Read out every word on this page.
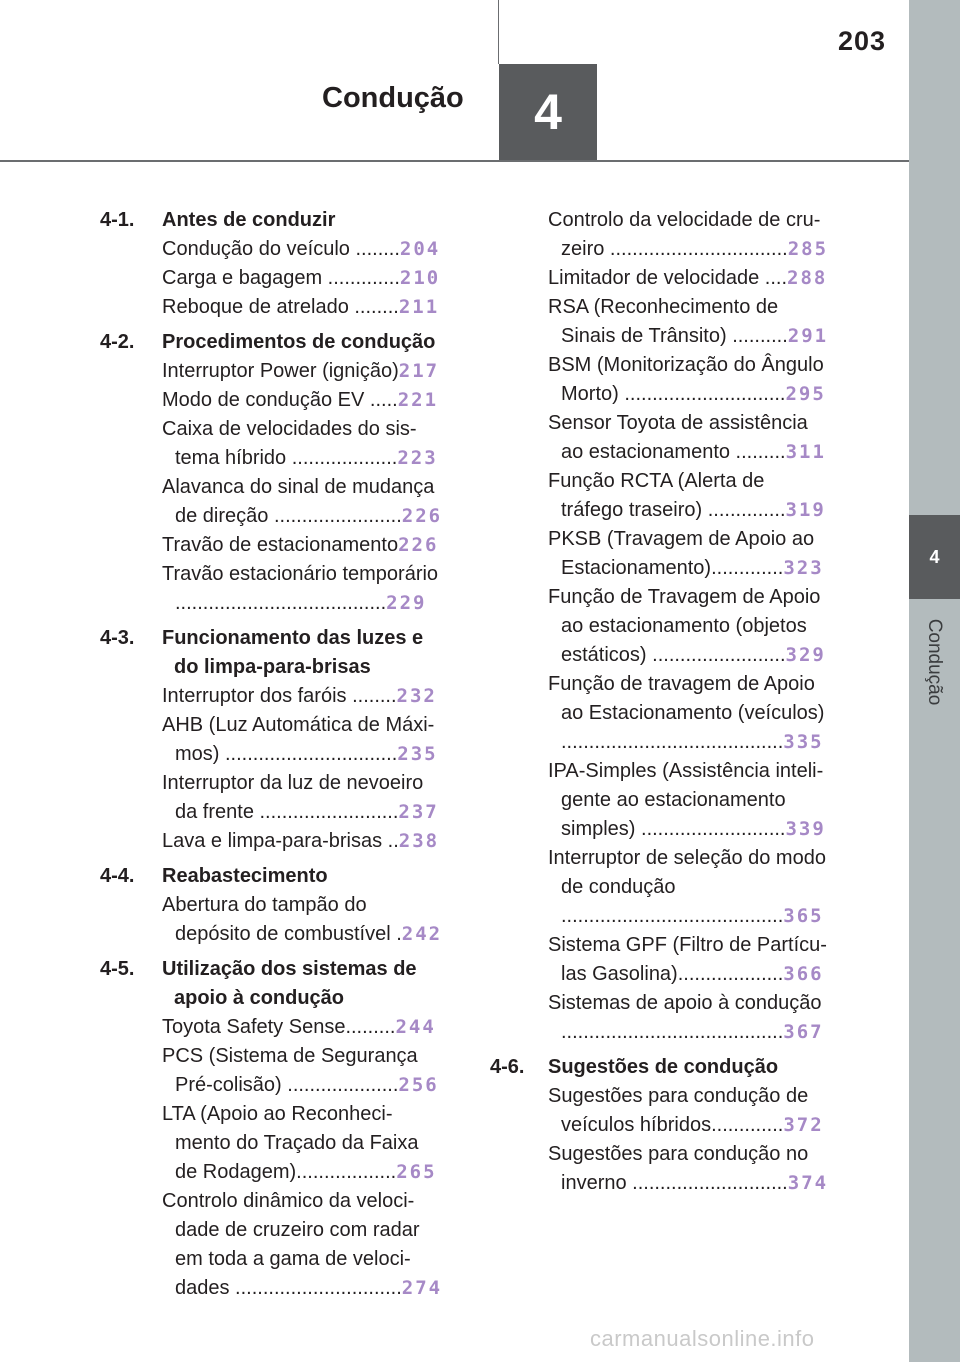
203
Condução	4
4
Condução
4-1. Antes de conduzir
Condução do veículo ........204
Carga e bagagem .............210
Reboque de atrelado ........211
4-2. Procedimentos de condução
Interruptor Power (ignição)217
Modo de condução EV .....221
Caixa de velocidades do sis-
tema híbrido ...................223
Alavanca do sinal de mudança
de direção .......................226
Travão de estacionamento226
Travão estacionário temporário
......................................229
4-3. Funcionamento das luzes e
do limpa-para-brisas
Interruptor dos faróis ........232
AHB (Luz Automática de Máxi-
mos) ...............................235
Interruptor da luz de nevoeiro
da frente .........................237
Lava e limpa-para-brisas ..238
4-4. Reabastecimento
Abertura do tampão do
depósito de combustível .242
4-5. Utilização dos sistemas de
apoio à condução
Toyota Safety Sense.........244
PCS (Sistema de Segurança
Pré-colisão) ....................256
LTA (Apoio ao Reconheci-
mento do Traçado da Faixa
de Rodagem)..................265
Controlo dinâmico da veloci-
dade de cruzeiro com radar
em toda a gama de veloci-
dades ..............................274
Controlo da velocidade de cru-
zeiro ................................285
Limitador de velocidade ....288
RSA (Reconhecimento de
Sinais de Trânsito) ..........291
BSM (Monitorização do Ângulo
Morto) .............................295
Sensor Toyota de assistência
ao estacionamento .........311
Função RCTA (Alerta de
tráfego traseiro) ..............319
PKSB (Travagem de Apoio ao
Estacionamento).............323
Função de Travagem de Apoio
ao estacionamento (objetos
estáticos) ........................329
Função de travagem de Apoio
ao Estacionamento (veículos)
........................................335
IPA-Simples (Assistência inteli-
gente ao estacionamento
simples) ..........................339
Interruptor de seleção do modo
de condução
........................................365
Sistema GPF (Filtro de Partícu-
las Gasolina)...................366
Sistemas de apoio à condução
........................................367
4-6. Sugestões de condução
Sugestões para condução de
veículos híbridos.............372
Sugestões para condução no
inverno ............................374
carmanualsonline.info
